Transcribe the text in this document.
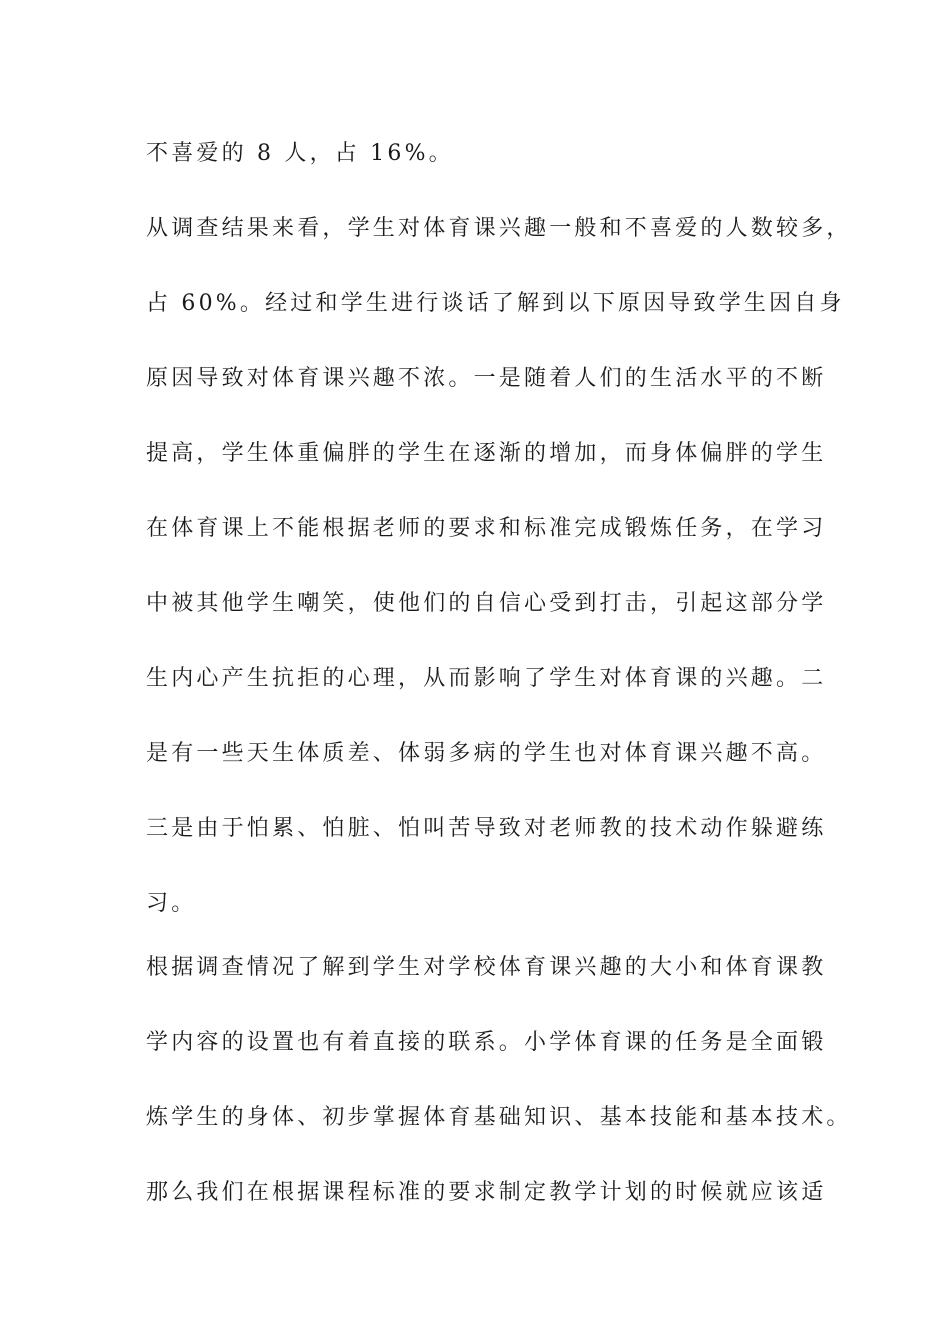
不喜爱的 8 人，占 16%。
从调查结果来看，学生对体育课兴趣一般和不喜爱的人数较多，
占 60%。经过和学生进行谈话了解到以下原因导致学生因自身
原因导致对体育课兴趣不浓。一是随着人们的生活水平的不断
提高，学生体重偏胖的学生在逐渐的增加，而身体偏胖的学生
在体育课上不能根据老师的要求和标准完成锻炼任务，在学习
中被其他学生嘲笑，使他们的自信心受到打击，引起这部分学
生内心产生抗拒的心理，从而影响了学生对体育课的兴趣。二
是有一些天生体质差、体弱多病的学生也对体育课兴趣不高。
三是由于怕累、怕脏、怕叫苦导致对老师教的技术动作躲避练
习。
根据调查情况了解到学生对学校体育课兴趣的大小和体育课教
学内容的设置也有着直接的联系。小学体育课的任务是全面锻
炼学生的身体、初步掌握体育基础知识、基本技能和基本技术。
那么我们在根据课程标准的要求制定教学计划的时候就应该适
